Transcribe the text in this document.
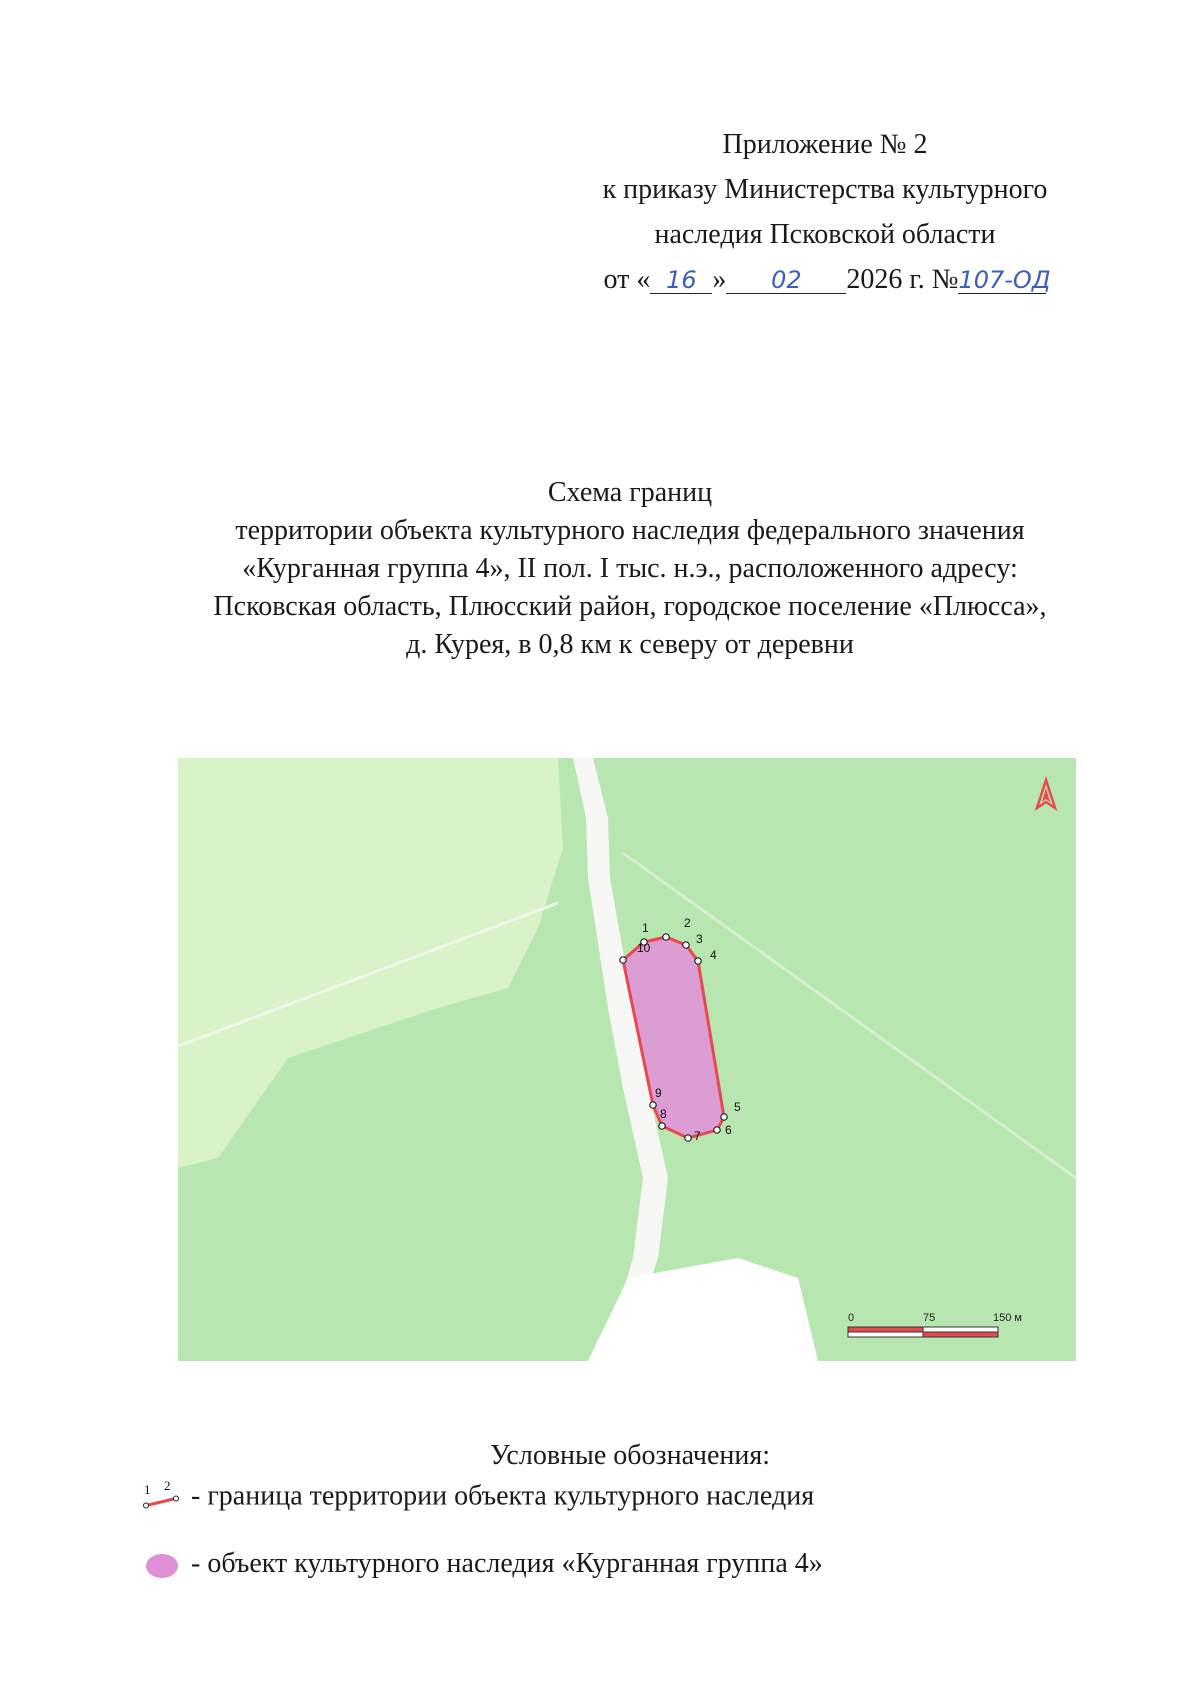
Приложение № 2
к приказу Министерства культурного
наследия Псковской области
от « 16 » 02 2026 г. №107-ОД
Схема границ
территории объекта культурного наследия федерального значения
«Курганная группа 4», II пол. I тыс. н.э., расположенного адресу:
Псковская область, Плюсский район, городское поселение «Плюсса»,
д. Курея, в 0,8 км к северу от деревни
1	2
3
4
5
6
7
8
9
10
0	75	150 м
Условные обозначения:
1 2 - граница территории объекта культурного наследия
- объект культурного наследия «Курганная группа 4»
